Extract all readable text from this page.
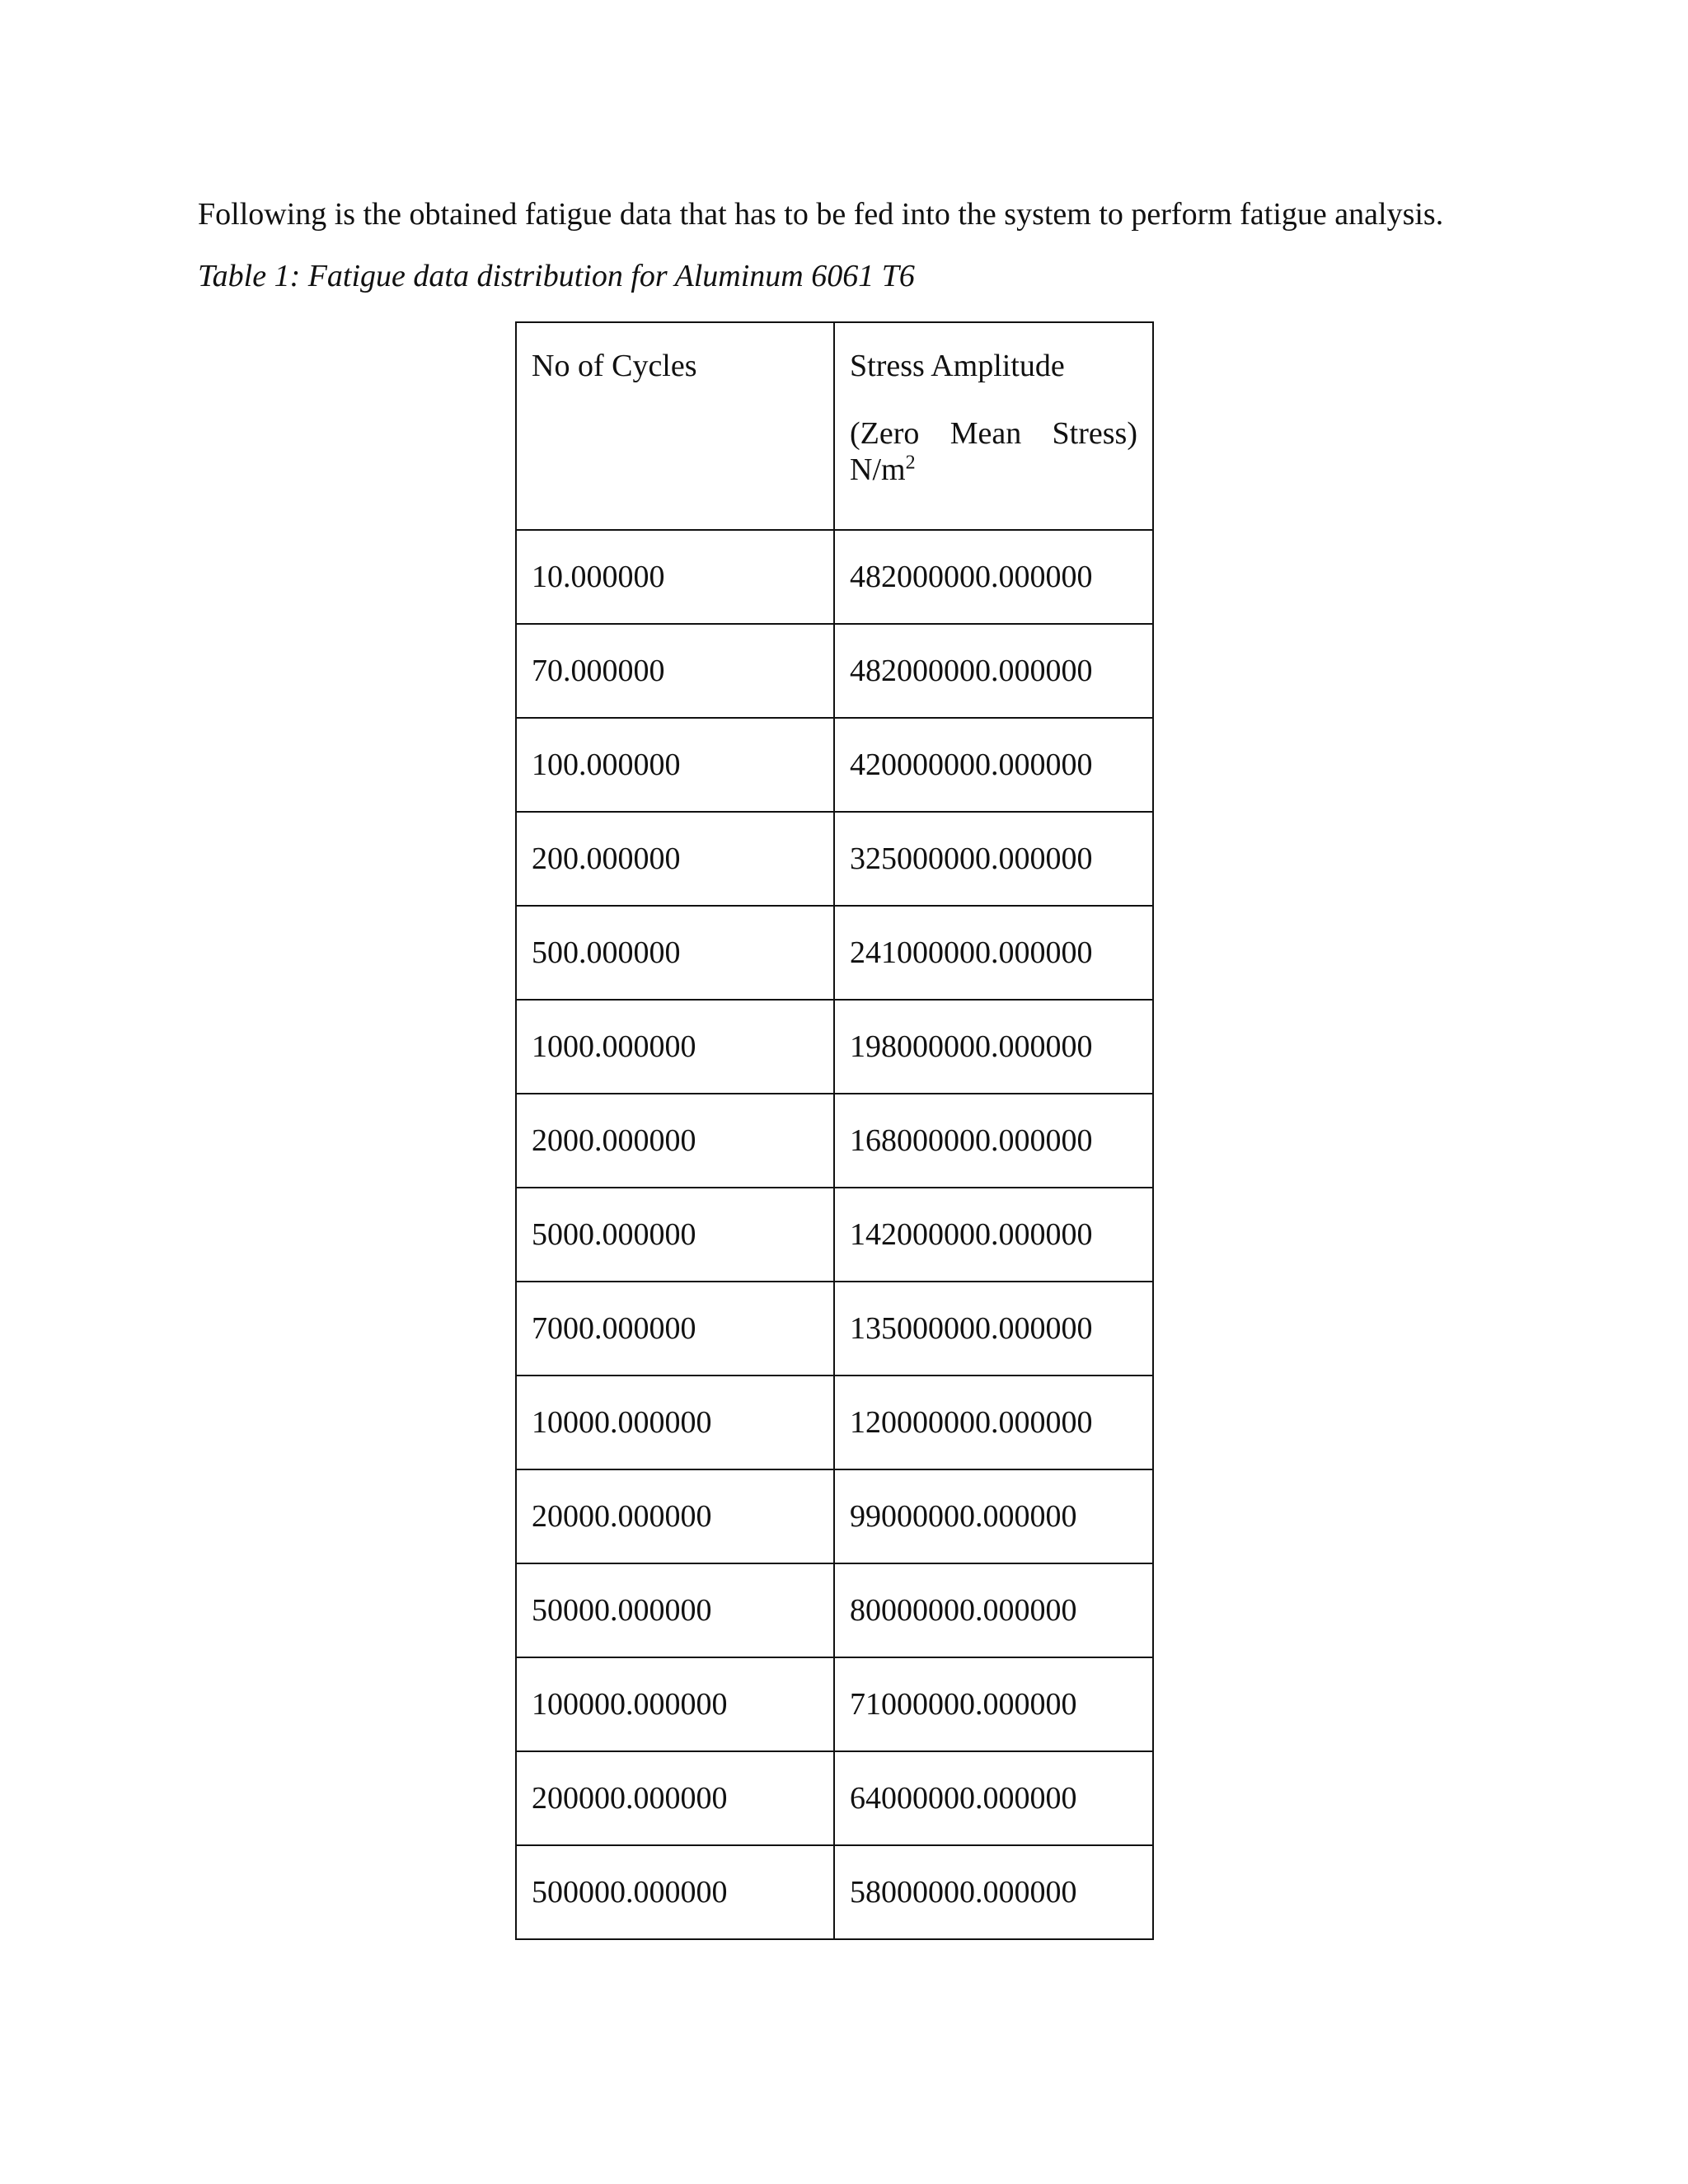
Following is the obtained fatigue data that has to be fed into the system to perform fatigue analysis.

Table 1: Fatigue data distribution for Aluminum 6061 T6

No of Cycles	Stress Amplitude
(Zero Mean Stress)
$N/m^2$

10.000000	482000000.000000
70.000000	482000000.000000
100.000000	420000000.000000
200.000000	325000000.000000
500.000000	241000000.000000
1000.000000	198000000.000000
2000.000000	168000000.000000
5000.000000	142000000.000000
7000.000000	135000000.000000
10000.000000	120000000.000000
20000.000000	99000000.000000
50000.000000	80000000.000000
100000.000000	71000000.000000
200000.000000	64000000.000000
500000.000000	58000000.000000
